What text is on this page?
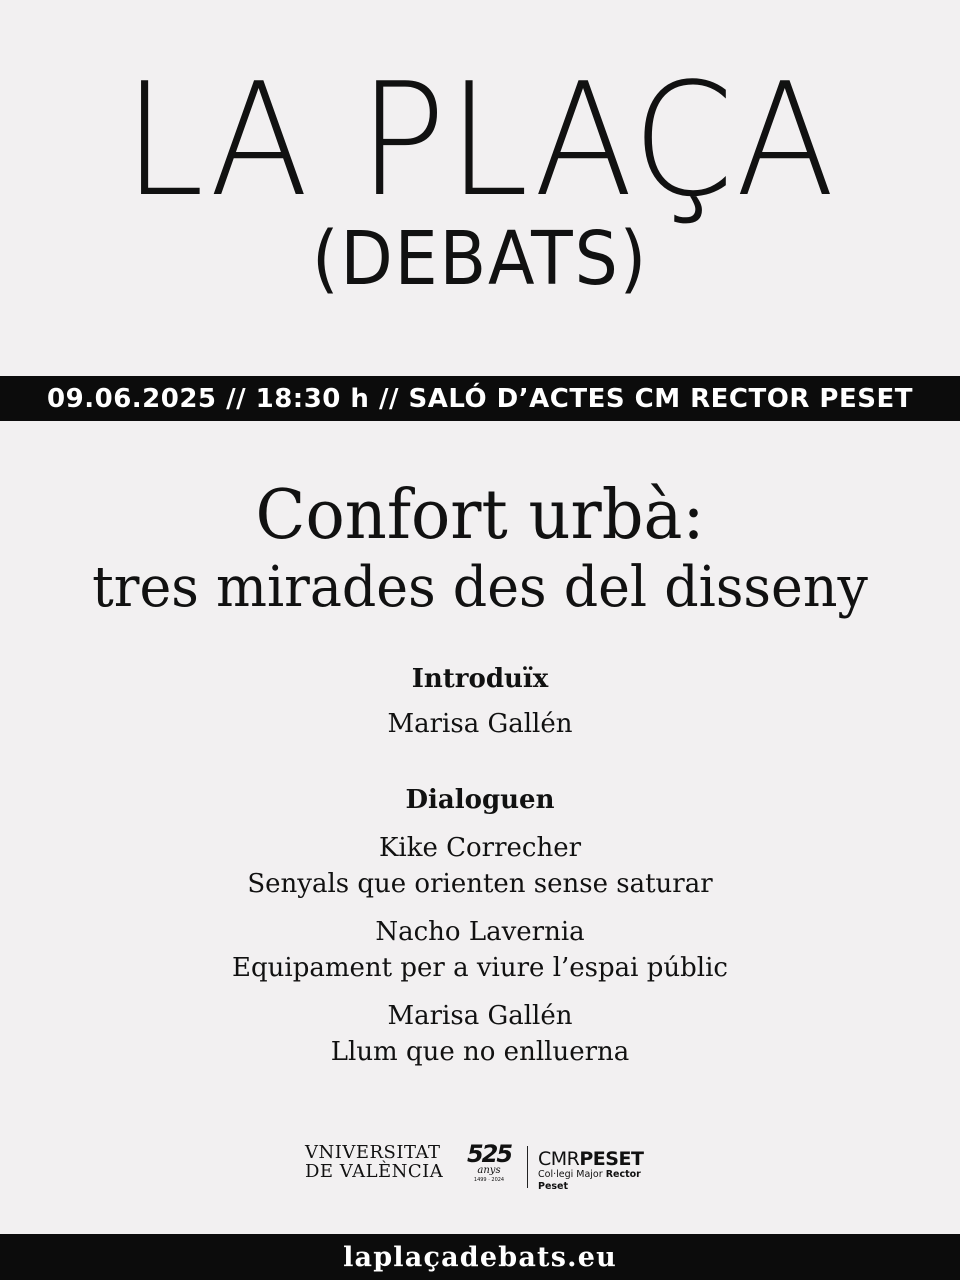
LA PLAÇA
(DEBATS)
09.06.2025 // 18:30 h // SALÓ D’ACTES CM RECTOR PESET
Confort urbà:
tres mirades des del disseny
Introduïx
Marisa Gallén
Dialoguen
Kike Correcher
Senyals que orienten sense saturar
Nacho Lavernia
Equipament per a viure l’espai públic
Marisa Gallén
Llum que no enlluerna
VNIVERSITAT
DE VALÈNCIA
525
anys
1499 · 2024
CMRPESET
Col·legi Major Rector Peset
laplaçadebats.eu
